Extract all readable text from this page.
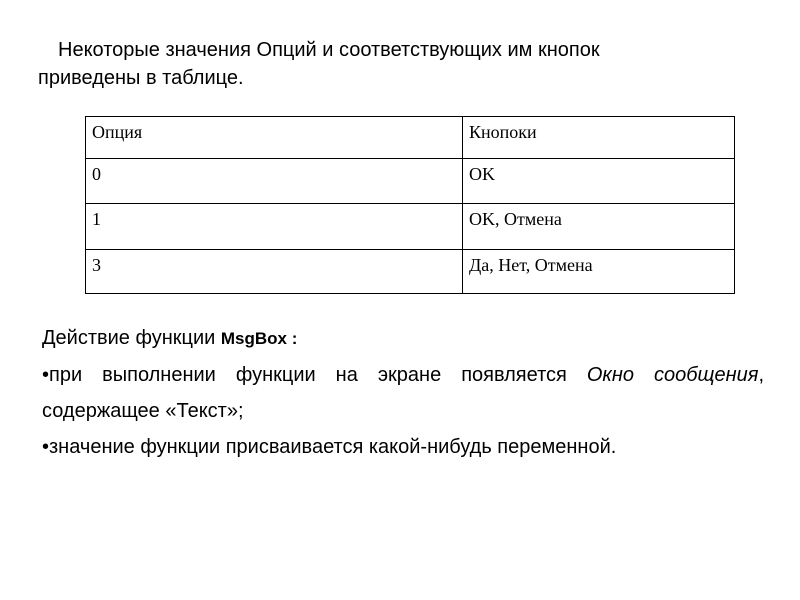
Некоторые значения Опций и соответствующих им кнопок
приведены в таблице.

Опция	Кнопоки
0	OK
1	OK, Отмена
3	Да, Нет, Отмена
Действие функции MsgBox :
•при выполнении функции на экране появляется Окно сообщения, содержащее «Текст»;
•значение функции присваивается какой-нибудь переменной.
